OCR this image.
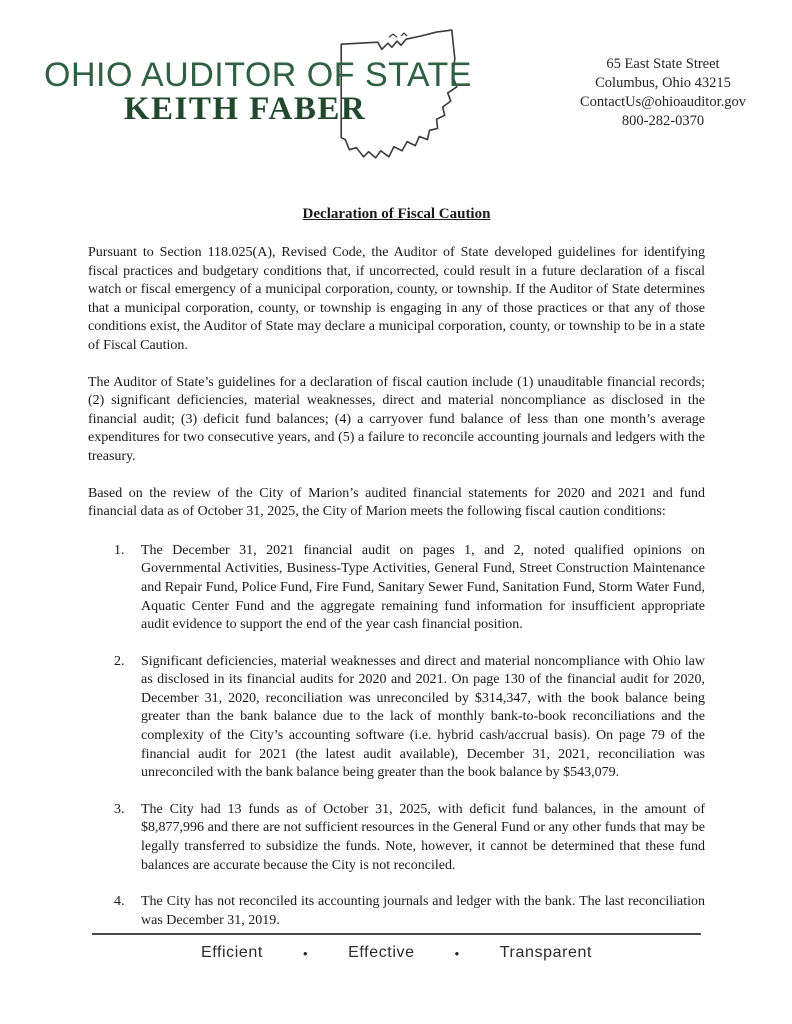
OHIO AUDITOR OF STATE
KEITH FABER
65 East State Street
Columbus, Ohio 43215
ContactUs@ohioauditor.gov
800-282-0370
Declaration of Fiscal Caution

Pursuant to Section 118.025(A), Revised Code, the Auditor of State developed guidelines for identifying fiscal practices and budgetary conditions that, if uncorrected, could result in a future declaration of a fiscal watch or fiscal emergency of a municipal corporation, county, or township. If the Auditor of State determines that a municipal corporation, county, or township is engaging in any of those practices or that any of those conditions exist, the Auditor of State may declare a municipal corporation, county, or township to be in a state of Fiscal Caution.

The Auditor of State’s guidelines for a declaration of fiscal caution include (1) unauditable financial records; (2) significant deficiencies, material weaknesses, direct and material noncompliance as disclosed in the financial audit; (3) deficit fund balances; (4) a carryover fund balance of less than one month’s average expenditures for two consecutive years, and (5) a failure to reconcile accounting journals and ledgers with the treasury.

Based on the review of the City of Marion’s audited financial statements for 2020 and 2021 and fund financial data as of October 31, 2025, the City of Marion meets the following fiscal caution conditions:

1.	The December 31, 2021 financial audit on pages 1, and 2, noted qualified opinions on Governmental Activities, Business-Type Activities, General Fund, Street Construction Maintenance and Repair Fund, Police Fund, Fire Fund, Sanitary Sewer Fund, Sanitation Fund, Storm Water Fund, Aquatic Center Fund and the aggregate remaining fund information for insufficient appropriate audit evidence to support the end of the year cash financial position.
2.	Significant deficiencies, material weaknesses and direct and material noncompliance with Ohio law as disclosed in its financial audits for 2020 and 2021. On page 130 of the financial audit for 2020, December 31, 2020, reconciliation was unreconciled by $314,347, with the book balance being greater than the bank balance due to the lack of monthly bank-to-book reconciliations and the complexity of the City’s accounting software (i.e. hybrid cash/accrual basis). On page 79 of the financial audit for 2021 (the latest audit available), December 31, 2021, reconciliation was unreconciled with the bank balance being greater than the book balance by $543,079.
3.	The City had 13 funds as of October 31, 2025, with deficit fund balances, in the amount of $8,877,996 and there are not sufficient resources in the General Fund or any other funds that may be legally transferred to subsidize the funds. Note, however, it cannot be determined that these fund balances are accurate because the City is not reconciled.
4.	The City has not reconciled its accounting journals and ledger with the bank. The last reconciliation was December 31, 2019.
Efficient	•	Effective	•	Transparent
